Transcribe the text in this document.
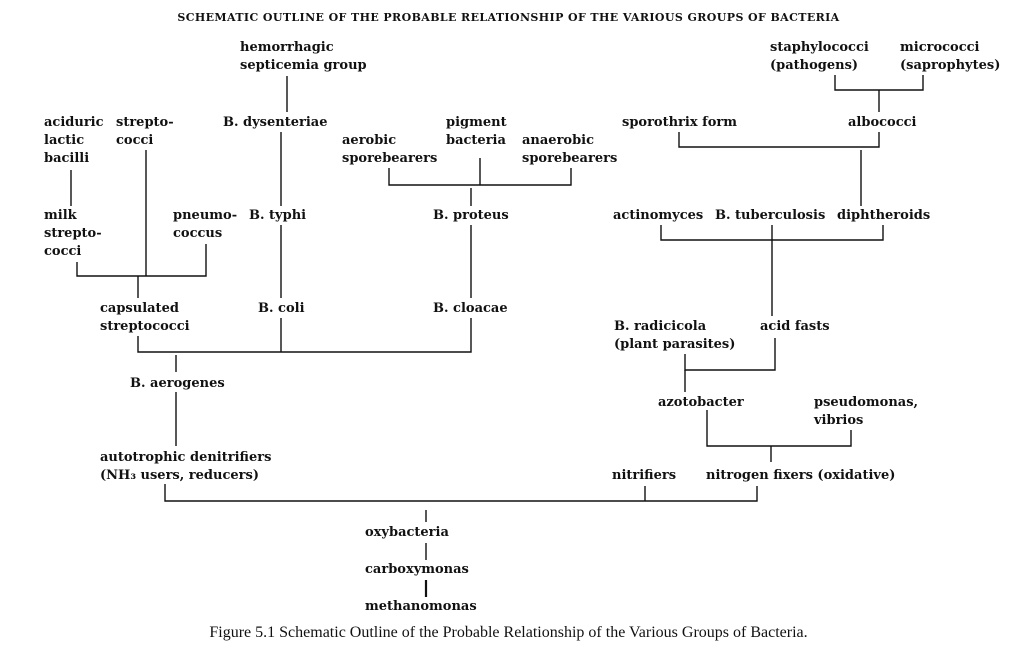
SCHEMATIC OUTLINE OF THE PROBABLE RELATIONSHIP OF THE VARIOUS GROUPS OF BACTERIA
hemorrhagic
septicemia group
staphylococci
(pathogens)
micrococci
(saprophytes)
aciduric
lactic
bacilli
strepto-
cocci
B. dysenteriae	pigment
bacteria
aerobic
sporebearers
anaerobic
sporebearers
sporothrix form	albococci
milk
strepto-
cocci
pneumo-
coccus
B. typhi	B. proteus	actinomyces B. tuberculosis diphtheroids
capsulated
streptococci
B. coli	B. cloacae
B. radicicola
(plant parasites)
acid fasts
B. aerogenes
azotobacter	pseudomonas,
vibrios
autotrophic denitrifiers
(NH₃ users, reducers)	nitrifiers nitrogen fixers (oxidative)
oxybacteria
carboxymonas
methanomonas
Figure 5.1 Schematic Outline of the Probable Relationship of the Various Groups of Bacteria.
